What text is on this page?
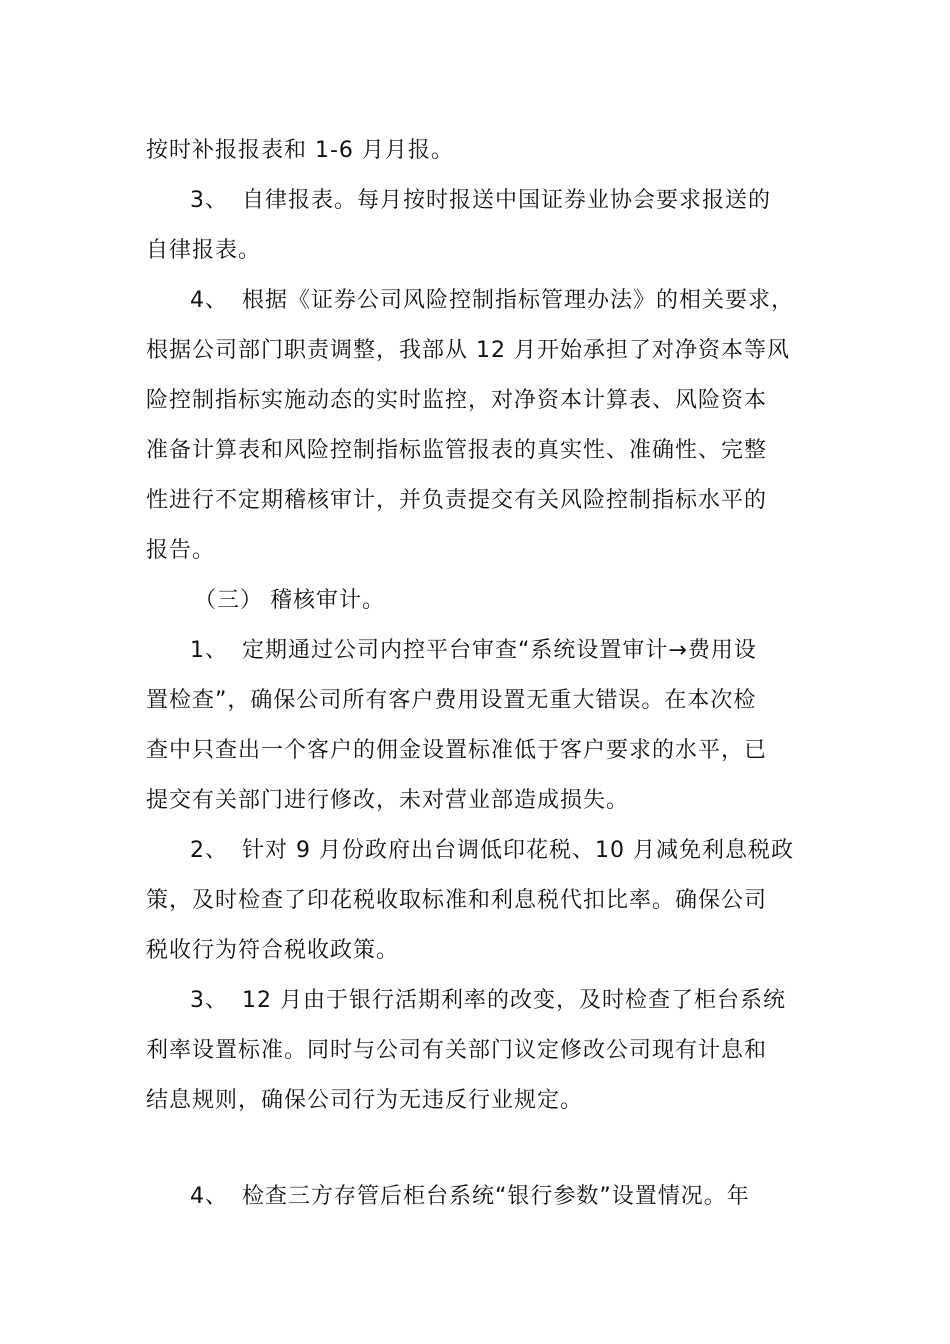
按时补报报表和 1-6 月月报。
3、 自律报表。每月按时报送中国证券业协会要求报送的
自律报表。
4、 根据《证券公司风险控制指标管理办法》的相关要求，
根据公司部门职责调整，我部从 12 月开始承担了对净资本等风
险控制指标实施动态的实时监控，对净资本计算表、风险资本
准备计算表和风险控制指标监管报表的真实性、准确性、完整
性进行不定期稽核审计，并负责提交有关风险控制指标水平的
报告。
（三） 稽核审计。
1、 定期通过公司内控平台审查“系统设置审计→费用设
置检查”，确保公司所有客户费用设置无重大错误。在本次检
查中只查出一个客户的佣金设置标准低于客户要求的水平，已
提交有关部门进行修改，未对营业部造成损失。
2、 针对 9 月份政府出台调低印花税、10 月减免利息税政
策，及时检查了印花税收取标准和利息税代扣比率。确保公司
税收行为符合税收政策。
3、 12 月由于银行活期利率的改变，及时检查了柜台系统
利率设置标准。同时与公司有关部门议定修改公司现有计息和
结息规则，确保公司行为无违反行业规定。
4、 检查三方存管后柜台系统“银行参数”设置情况。年
